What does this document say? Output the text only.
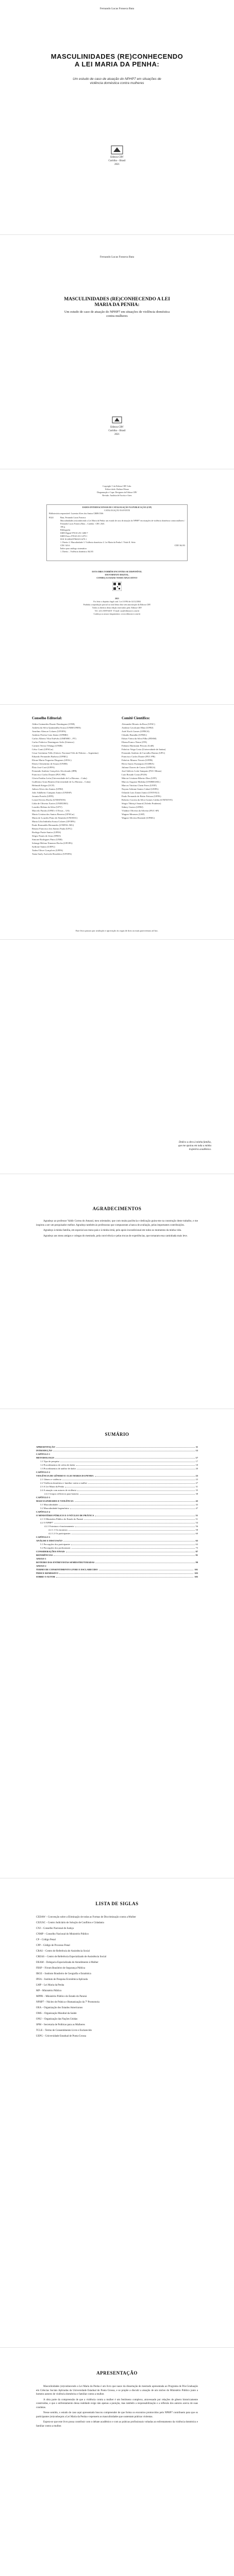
Fernando Lucas Fonseca Bata
MASCULINIDADES (RE)CONHECENDO A LEI MARIA DA PENHA:
Um estudo de caso de atuação do NPHP7 em situações de violência doméstica contra mulheres
Editora CRV
Curitiba – Brasil
2021
Fernando Lucas Fonseca Bata
MASCULINIDADES (RE)CONHECENDO A LEI MARIA DA PENHA:
Um estudo de caso de atuação do NPHP7 em situações de violência doméstica contra mulheres
Editora CRV
Curitiba – Brasil
2021
Copyright © da Editora CRV Ltda.
Editor-chefe: Railson Moura
Diagramação e Capa: Designers da Editora CRV
Revisão: Analista de Escrita e Artes
DADOS INTERNACIONAIS DE CATALOGAÇÃO NA PUBLICAÇÃO (CIP)
CATALOGAÇÃO NA FONTE
Bibliotecária responsável: Luzenira Alves dos Santos CRB9/1506
B324	Bata, Fernando Lucas Fonseca.
Masculinidades (re)conhecendo a Lei Maria da Penha: um estudo de caso de atuação do NPHP7 em situações de violência doméstica contra mulheres / Fernando Lucas Fonseca Bata – Curitiba : CRV, 2021.
106 p.
Bibliografia
ISBN Digital 978-65-251-1480-7
ISBN Físico 978-65-251-1479-1
DOI 10.24824/978652511479.1
1. Direito 2. Masculinidade 3. Violência doméstica 4. Lei Maria da Penha I. Título II. Série.
CDU 343.6	CDD 362.83
Índice para catálogo sistemático
1. Direito – Violência doméstica 362.83
ESTA OBRA TAMBÉM ENCONTRA-SE DISPONÍVEL
EM FORMATO DIGITAL.
CONHEÇA E BAIXE NOSSO APLICATIVO!
2021
Foi feito o depósito legal conf. Lei 10.994 de 14/12/2004
Proibida a reprodução parcial ou total desta obra sem autorização da Editora CRV
Todos os direitos desta edição reservados pela: Editora CRV
Tel.: (41) 3039-6418 - E-mail: sac@editoracrv.com.br
Conheça os nossos lançamentos: www.editoracrv.com.br
Conselho Editorial:
Aldira Guimarães Duarte Domínguez (UNB)
Andréia da Silva Quintanilha Sousa (UNIR/UFRN)
Anselmo Alencar Colares (UFOPA)
Antônio Pereira Gaio Júnior (UFRRJ)
Carlos Alberto Vilar Estêvão (UMINHO – PT)
Carlos Federico Dominguez Avila (Unieuro)
Carmen Tereza Velanga (UNIR)
Celso Conti (UFSCar)
Cesar Gerónimo Tello (Univer. Nacional Três de Febrero – Argentina)
Eduardo Fernandes Barbosa (UFMG)
Elione Maria Nogueira Diogenes (UFAL)
Elizeu Clementino de Souza (UNEB)
Élsio José Corá (UFFS)
Fernando Antônio Gonçalves Alcoforado (IPB)
Francisco Carlos Duarte (PUC-PR)
Gloria Fariñas León (Universidade de La Havana – Cuba)
Guillermo Arias Beatón (Universidade de La Havana – Cuba)
Helmuth Krüger (UCP)
Jailson Alves dos Santos (UFRJ)
João Adalberto Campato Junior (UNESP)
Josania Portela (UFPI)
Leonel Severo Rocha (UNISINOS)
Lídia de Oliveira Xavier (UNIEURO)
Lourdes Helena da Silva (UFV)
Marcelo Paixão (UFRJ e UTexas – US)
Maria Cristina dos Santos Bezerra (UFSCar)
Maria de Lourdes Pinto de Almeida (UNOESC)
Maria Lília Imbiriba Sousa Colares (UFOPA)
Paulo Romualdo Hernandes (UNIFAL-MG)
Renato Francisco dos Santos Paula (UFG)
Rodrigo Pratte-Santos (UFES)
Sérgio Nunes de Jesus (IFRO)
Simone Rodrigues Pinto (UNB)
Solange Helena Ximenes-Rocha (UFOPA)
Sydione Santos (UEPG)
Tadeu Oliver Gonçalves (UFPA)
Tania Suely Azevedo Brasileiro (UFOPA)
Comitê Científico:
Alexandre Morais da Rosa (UFSC)
Antônio Cavalcanti Maia (UFRJ)
Ariel Koch Gomes (UFRGS)
Cláudio Brandão (UFMG)
Edson Vieira da Silva Filho (FDSM)
Eliana Franco Neme (ITE)
Fabiano Hartmann Peixoto (UnB)
Fabrício Veiga Costa (Universidade de Itaúna)
Fernando Antônio de Carvalho Dantas (UFG)
Francisco Carlos Duarte (PUC-PR)
Fabrício Muraro Novais (UFPR)
Hecto Inacio Eustaquio (ULBRA)
Juliana Chaves de Castro (UFRGS)
José Adércio Leite Sampaio (PUC Minas)
Luiz Rosado Costa (FAJS)
Márcia Cristiane Ribeiro Dias (UFF)
Marcos Augusto Maliska (UNIBRASIL)
Marcos Vinícius Chein Feres (UFJF)
Nayara Adriane Santos Cabral (UEPA)
Orlando Luiz Zanon Junior (UNIVALI)
Paulo Fernando de Britto Feitoza (UFPA)
Roberto Correia da Silva Gomes Caldas (UNINOVE)
Sérgio Tibiriçá Amaral (Toledo Prudente)
Sidney Guerra (UFRJ)
Vladmir Oliveira da Silveira (PUC-SP)
Wagner Menezes (USP)
Wagner Silveira Rezende (UFMG)
Este livro passou por avaliação e aprovação às cegas de dois ou mais pareceristas ad hoc.
Dedico a obra à minha família,
que me apoiou em toda a minha
trajetória acadêmica.
AGRADECIMENTOS

Agradeço ao professor Valdir Correa do Amaral, meu orientador, que com muita paciência e dedicação guiou-me na construção deste trabalho, e me inspirou a ser um pesquisador melhor. Agradeço também às professoras que compuseram a banca de avaliação, pelas importantes contribuições.

Agradeço à minha família, em especial aos meus pais e à minha irmã, pelo apoio incondicional em todos os momentos da minha vida.

Agradeço aos meus amigos e colegas do mestrado, pela convivência e pelas trocas de experiências, que tornaram essa caminhada mais leve.

SUMÁRIO
APRESENTAÇÃO	11
INTRODUÇÃO	13
CAPÍTULO 1
METODOLOGIA	17
1.1 Tipo de pesquisa	17
1.2 Procedimentos de coleta de dados	18
1.3 Procedimentos de análise de dados	20
CAPÍTULO 2
VIOLÊNCIA DE GÊNERO E A LEI MARIA DA PENHA	23
2.1 Gênero e violência	23
2.2 Violência doméstica e familiar contra a mulher	27
2.3 A Lei Maria da Penha	31
2.4 A atuação com autores de violência	35
2.4.1 Grupos reflexivos para homens	38
CAPÍTULO 3
MASCULINIDADES E VIOLÊNCIA	43
3.1 Masculinidades	43
3.2 Masculinidade hegemônica	47
CAPÍTULO 4
O MINISTÉRIO PÚBLICO E O NÚCLEO DE PRÁTICA	51
4.1 O Ministério Público do Estado do Paraná	51
4.2 O NPHP7	54
4.2.1 Estrutura e funcionamento	56
4.2.1.1 Os encontros	58
4.2.1.2 Os participantes	60
CAPÍTULO 5
ANÁLISE E DISCUSSÃO	63
5.1 Percepções dos participantes	63
5.2 Percepções dos profissionais	75
CONSIDERAÇÕES FINAIS	87
REFERÊNCIAS	91
ANEXO 1
ROTEIRO DAS ENTREVISTAS SEMIESTRUTURADAS	99
ANEXO 2
TERMO DE CONSENTIMENTO LIVRE E ESCLARECIDO	101
ÍNDICE REMISSIVO	103
SOBRE O AUTOR	105
LISTA DE SIGLAS
CEDAW – Convenção sobre a Eliminação de todas as Formas de Discriminação contra a Mulher
CEJUSC – Centro Judiciário de Solução de Conflitos e Cidadania
CNJ – Conselho Nacional de Justiça
CNMP – Conselho Nacional do Ministério Público
CP – Código Penal
CPP – Código de Processo Penal
CRAS – Centro de Referência de Assistência Social
CREAS – Centro de Referência Especializado de Assistência Social
DEAM – Delegacia Especializada de Atendimento à Mulher
FBSP – Fórum Brasileiro de Segurança Pública
IBGE – Instituto Brasileiro de Geografia e Estatística
IPEA – Instituto de Pesquisa Econômica Aplicada
LMP – Lei Maria da Penha
MP – Ministério Público
MPPR – Ministério Público do Estado do Paraná
NPHP7 – Núcleo de Prática e Humanização da 7ª Promotoria
OEA – Organização dos Estados Americanos
OMS – Organização Mundial da Saúde
ONU – Organização das Nações Unidas
SPM – Secretaria de Políticas para as Mulheres
TCLE – Termo de Consentimento Livre e Esclarecido
UEPG – Universidade Estadual de Ponta Grossa
APRESENTAÇÃO

Masculinidades (re)conhecendo a Lei Maria da Penha é um livro que nasce da dissertação de mestrado apresentada ao Programa de Pós-Graduação em Ciências Sociais Aplicadas da Universidade Estadual de Ponta Grossa, e se propõe a discutir a atuação de um núcleo do Ministério Público junto a homens autores de violência doméstica e familiar contra a mulher.

A obra parte da compreensão de que a violência contra a mulher é um fenômeno complexo, atravessado por relações de gênero historicamente construídas, e que o enfrentamento dessa realidade exige não apenas a punição, mas também a responsabilização e a reflexão dos autores acerca de suas condutas.

Nesse sentido, o estudo de caso aqui apresentado buscou compreender de que forma os encontros promovidos pelo NPHP7 contribuem para que os participantes (re)conheçam a Lei Maria da Penha e repensem as masculinidades que sustentam práticas violentas.

Espera-se que este livro possa contribuir com o debate acadêmico e com as práticas profissionais voltadas ao enfrentamento da violência doméstica e familiar contra a mulher.
